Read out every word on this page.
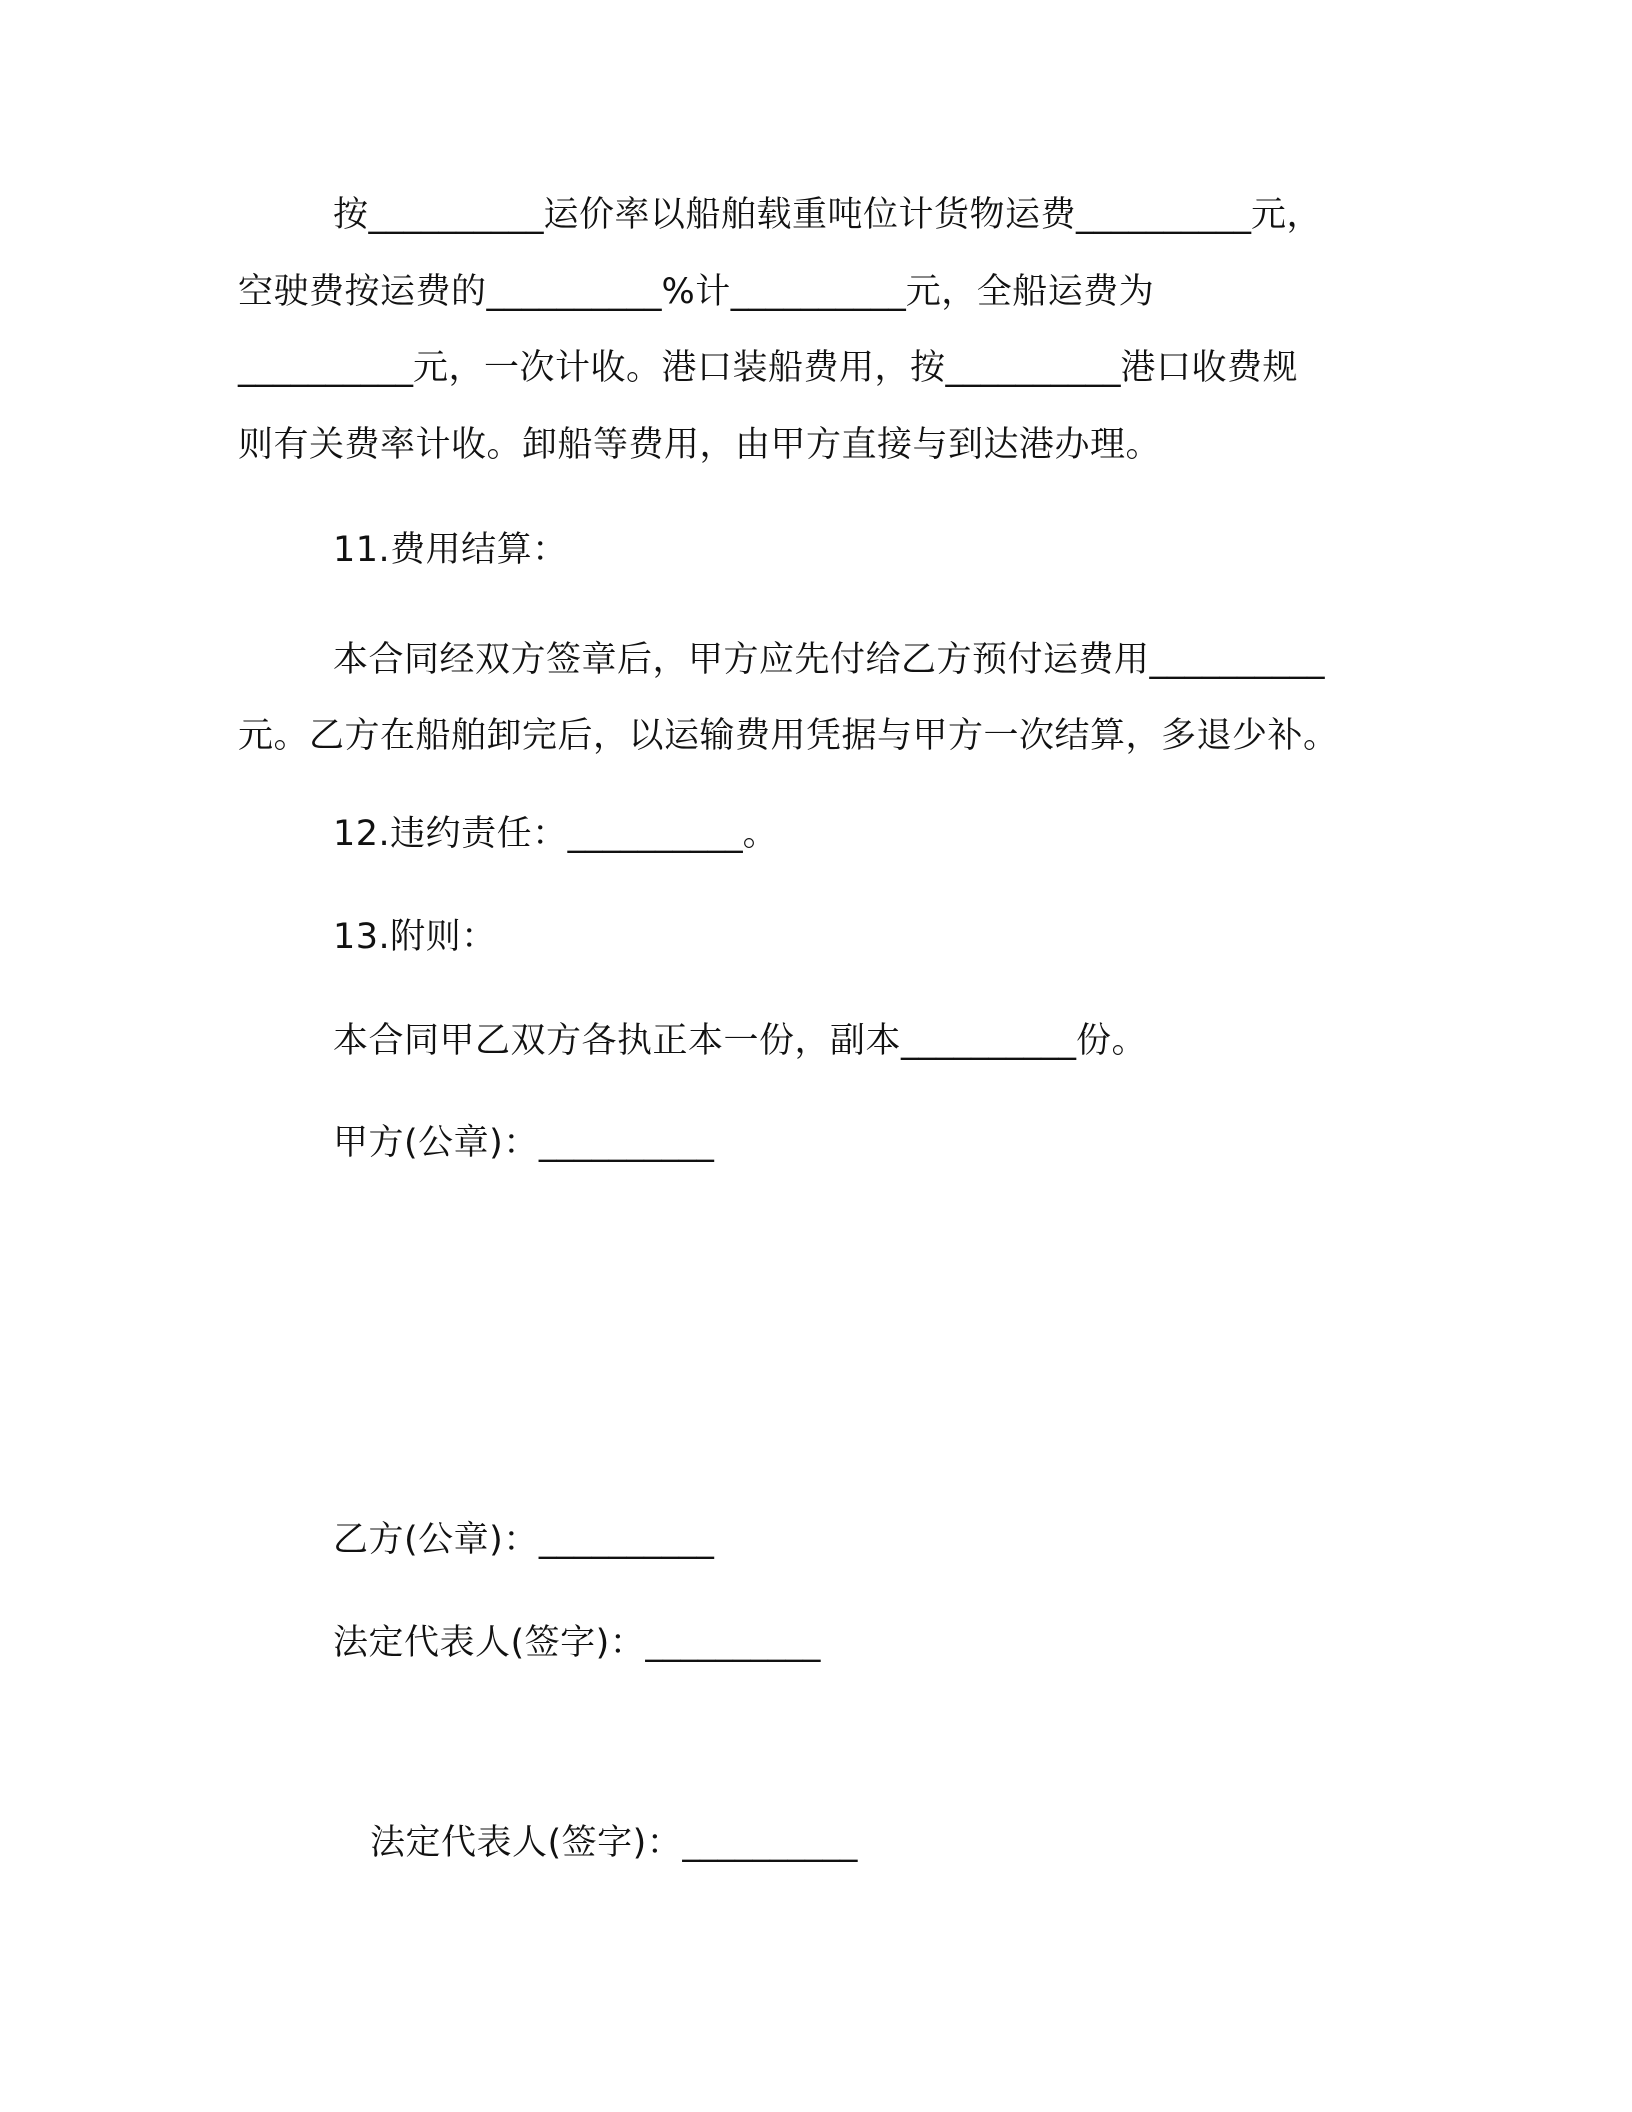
按__________运价率以船舶载重吨位计货物运费__________元，
空驶费按运费的__________%计__________元，全船运费为
__________元，一次计收。港口装船费用，按__________港口收费规
则有关费率计收。卸船等费用，由甲方直接与到达港办理。
11.费用结算：
本合同经双方签章后，甲方应先付给乙方预付运费用__________
元。乙方在船舶卸完后，以运输费用凭据与甲方一次结算，多退少补。
12.违约责任：__________。
13.附则：
本合同甲乙双方各执正本一份，副本__________份。
甲方(公章)：__________
乙方(公章)：__________
法定代表人(签字)：__________
法定代表人(签字)：__________
